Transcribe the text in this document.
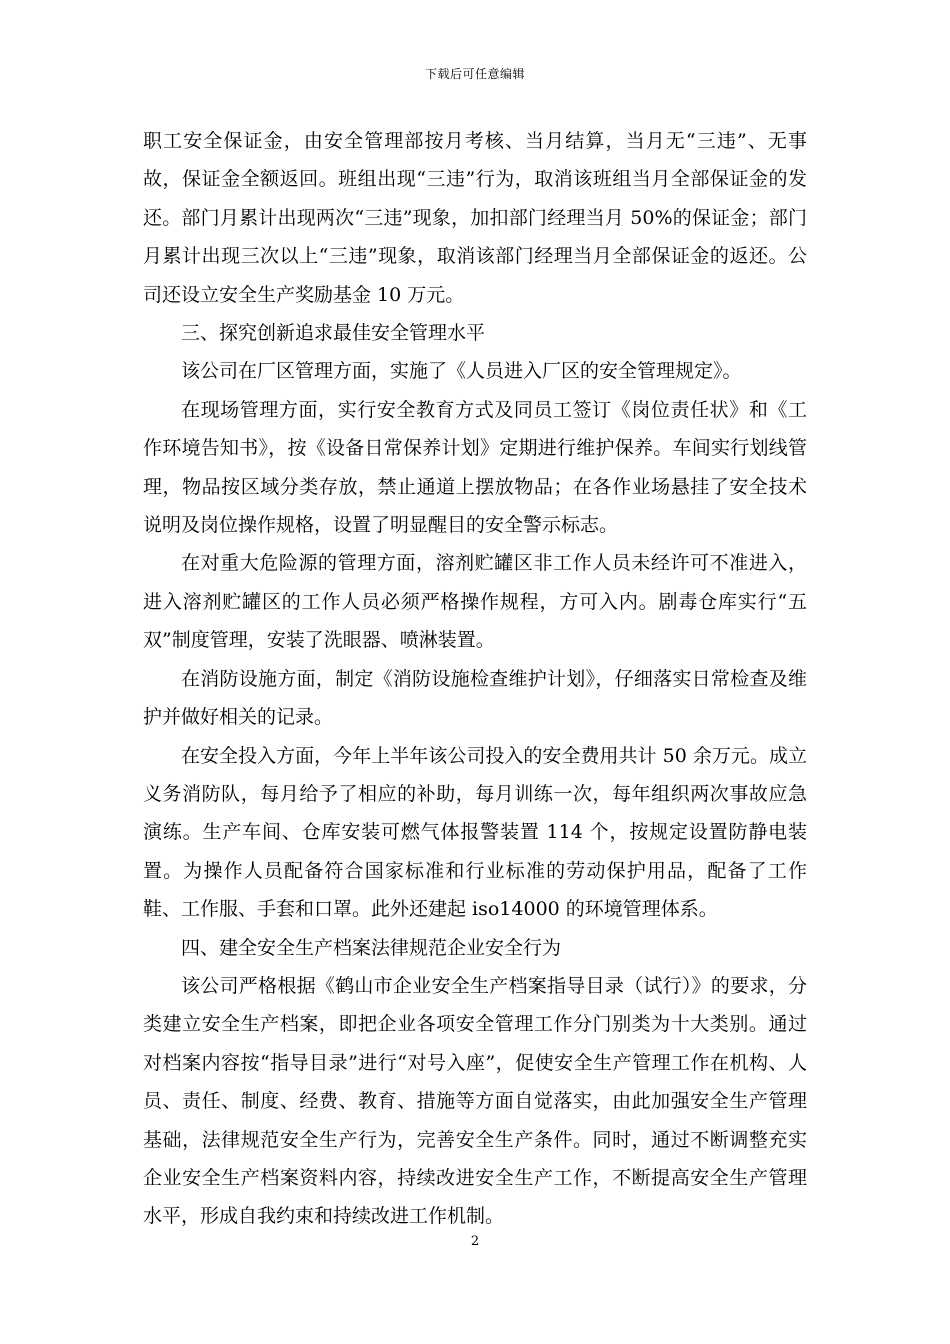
下载后可任意编辑

职工安全保证金，由安全管理部按月考核、当月结算，当月无“三违”、无事故，保证金全额返回。班组出现“三违”行为，取消该班组当月全部保证金的发还。部门月累计出现两次“三违”现象，加扣部门经理当月 50%的保证金；部门月累计出现三次以上“三违”现象，取消该部门经理当月全部保证金的返还。公司还设立安全生产奖励基金 10 万元。

三、探究创新追求最佳安全管理水平

该公司在厂区管理方面，实施了《人员进入厂区的安全管理规定》。

在现场管理方面，实行安全教育方式及同员工签订《岗位责任状》和《工作环境告知书》，按《设备日常保养计划》定期进行维护保养。车间实行划线管理，物品按区域分类存放，禁止通道上摆放物品；在各作业场悬挂了安全技术说明及岗位操作规格，设置了明显醒目的安全警示标志。

在对重大危险源的管理方面，溶剂贮罐区非工作人员未经许可不准进入，进入溶剂贮罐区的工作人员必须严格操作规程，方可入内。剧毒仓库实行“五双”制度管理，安装了洗眼器、喷淋装置。

在消防设施方面，制定《消防设施检查维护计划》，仔细落实日常检查及维护并做好相关的记录。

在安全投入方面，今年上半年该公司投入的安全费用共计 50 余万元。成立义务消防队，每月给予了相应的补助，每月训练一次，每年组织两次事故应急演练。生产车间、仓库安装可燃气体报警装置 114 个，按规定设置防静电装置。为操作人员配备符合国家标准和行业标准的劳动保护用品，配备了工作鞋、工作服、手套和口罩。此外还建起 iso14000 的环境管理体系。

四、建全安全生产档案法律规范企业安全行为

该公司严格根据《鹤山市企业安全生产档案指导目录（试行）》的要求，分类建立安全生产档案，即把企业各项安全管理工作分门别类为十大类别。通过对档案内容按“指导目录”进行“对号入座”，促使安全生产管理工作在机构、人员、责任、制度、经费、教育、措施等方面自觉落实，由此加强安全生产管理基础，法律规范安全生产行为，完善安全生产条件。同时，通过不断调整充实企业安全生产档案资料内容，持续改进安全生产工作，不断提高安全生产管理水平，形成自我约束和持续改进工作机制。

2
